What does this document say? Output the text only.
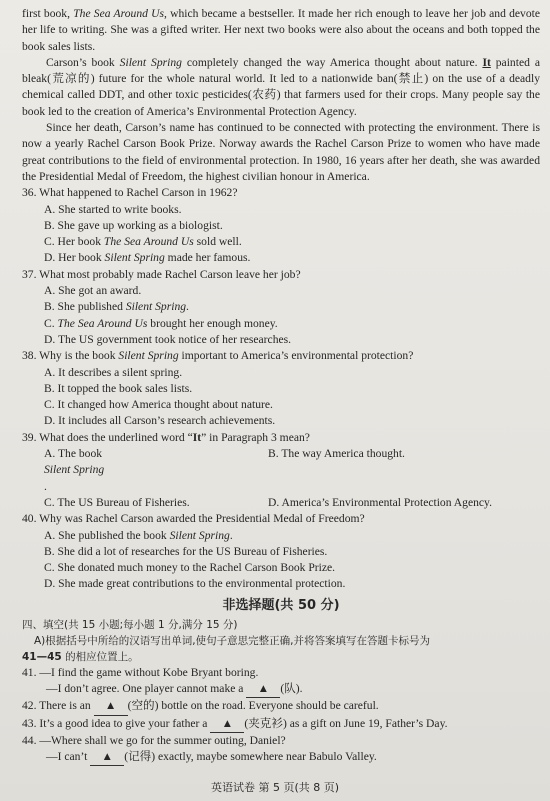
first book, The Sea Around Us, which became a bestseller. It made her rich enough to leave her job and devote her life to writing. She was a gifted writer. Her next two books were also about the oceans and both topped the book sales lists.

Carson’s book Silent Spring completely changed the way America thought about nature. It painted a bleak(荒凉的) future for the whole natural world. It led to a nationwide ban(禁止) on the use of a deadly chemical called DDT, and other toxic pesticides(农药) that farmers used for their crops. Many people say the book led to the creation of America’s Environmental Protection Agency.

Since her death, Carson’s name has continued to be connected with protecting the environment. There is now a yearly Rachel Carson Book Prize. Norway awards the Rachel Carson Prize to women who have made great contributions to the field of environmental protection. In 1980, 16 years after her death, she was awarded the Presidential Medal of Freedom, the highest civilian honour in America.

36. What happened to Rachel Carson in 1962?

A. She started to write books.

B. She gave up working as a biologist.

C. Her book The Sea Around Us sold well.

D. Her book Silent Spring made her famous.

37. What most probably made Rachel Carson leave her job?

A. She got an award.

B. She published Silent Spring.

C. The Sea Around Us brought her enough money.

D. The US government took notice of her researches.

38. Why is the book Silent Spring important to America’s environmental protection?

A. It describes a silent spring.

B. It topped the book sales lists.

C. It changed how America thought about nature.

D. It includes all Carson’s research achievements.

39. What does the underlined word “It” in Paragraph 3 mean?

A. The book
Silent Spring
.
B. The way America thought.
C. The US Bureau of Fisheries.	D. America’s Environmental Protection Agency.

40. Why was Rachel Carson awarded the Presidential Medal of Freedom?

A. She published the book Silent Spring.

B. She did a lot of researches for the US Bureau of Fisheries.

C. She donated much money to the Rachel Carson Book Prize.

D. She made great contributions to the environmental protection.

非选择题(共 50 分)

四、填空(共 15 小题;每小题 1 分,满分 15 分)

A)根据括号中所给的汉语写出单词,使句子意思完整正确,并将答案填写在答题卡标号为
41—45 的相应位置上。

41. —I find the game without Kobe Bryant boring.

—I don’t agree. One player cannot make a ▲ (队).

42. There is an ▲ (空的) bottle on the road. Everyone should be careful.

43. It’s a good idea to give your father a ▲ (夹克衫) as a gift on June 19, Father’s Day.

44. —Where shall we go for the summer outing, Daniel?

—I can’t ▲ (记得) exactly, maybe somewhere near Babulo Valley.

英语试卷 第 5 页(共 8 页)
